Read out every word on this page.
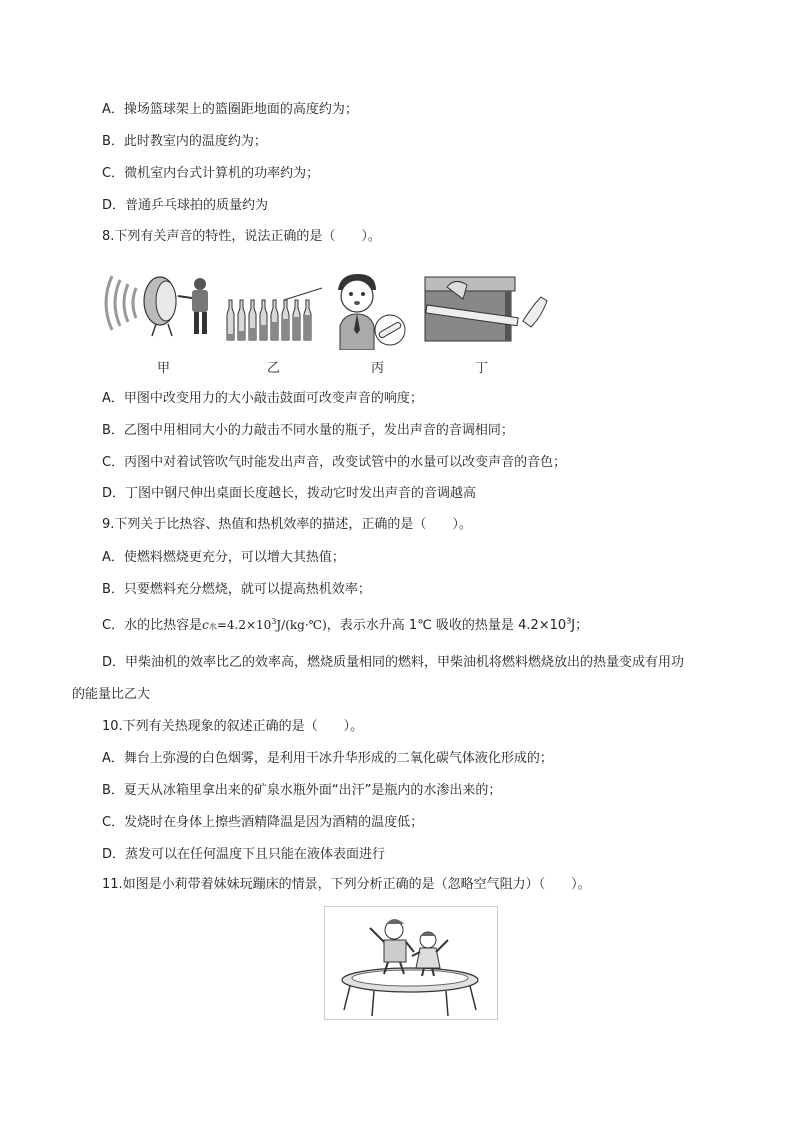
A．操场篮球架上的篮圈距地面的高度约为；
B．此时教室内的温度约为；
C．微机室内台式计算机的功率约为；
D．普通乒乓球拍的质量约为
8.下列有关声音的特性，说法正确的是（　　）。
甲	乙	丙	丁
A．甲图中改变用力的大小敲击鼓面可改变声音的响度；
B．乙图中用相同大小的力敲击不同水量的瓶子，发出声音的音调相同；
C．丙图中对着试管吹气时能发出声音，改变试管中的水量可以改变声音的音色；
D．丁图中钢尺伸出桌面长度越长，拨动它时发出声音的音调越高
9.下列关于比热容、热值和热机效率的描述，正确的是（　　）。
A．使燃料燃烧更充分，可以增大其热值；
B．只要燃料充分燃烧，就可以提高热机效率；
C．水的比热容是c水$=4.2\times 10^3J/(kg\cdot℃)$，表示水升高 1℃ 吸收的热量是 $4.2\times 10^3J$；
D．甲柴油机的效率比乙的效率高，燃烧质量相同的燃料，甲柴油机将燃料燃烧放出的热量变成有用功
的能量比乙大
10.下列有关热现象的叙述正确的是（　　）。
A．舞台上弥漫的白色烟雾，是利用干冰升华形成的二氧化碳气体液化形成的；
B．夏天从冰箱里拿出来的矿泉水瓶外面“出汗”是瓶内的水渗出来的；
C．发烧时在身体上擦些酒精降温是因为酒精的温度低；
D．蒸发可以在任何温度下且只能在液体表面进行
11.如图是小莉带着妹妹玩蹦床的情景，下列分析正确的是（忽略空气阻力）（　　）。
